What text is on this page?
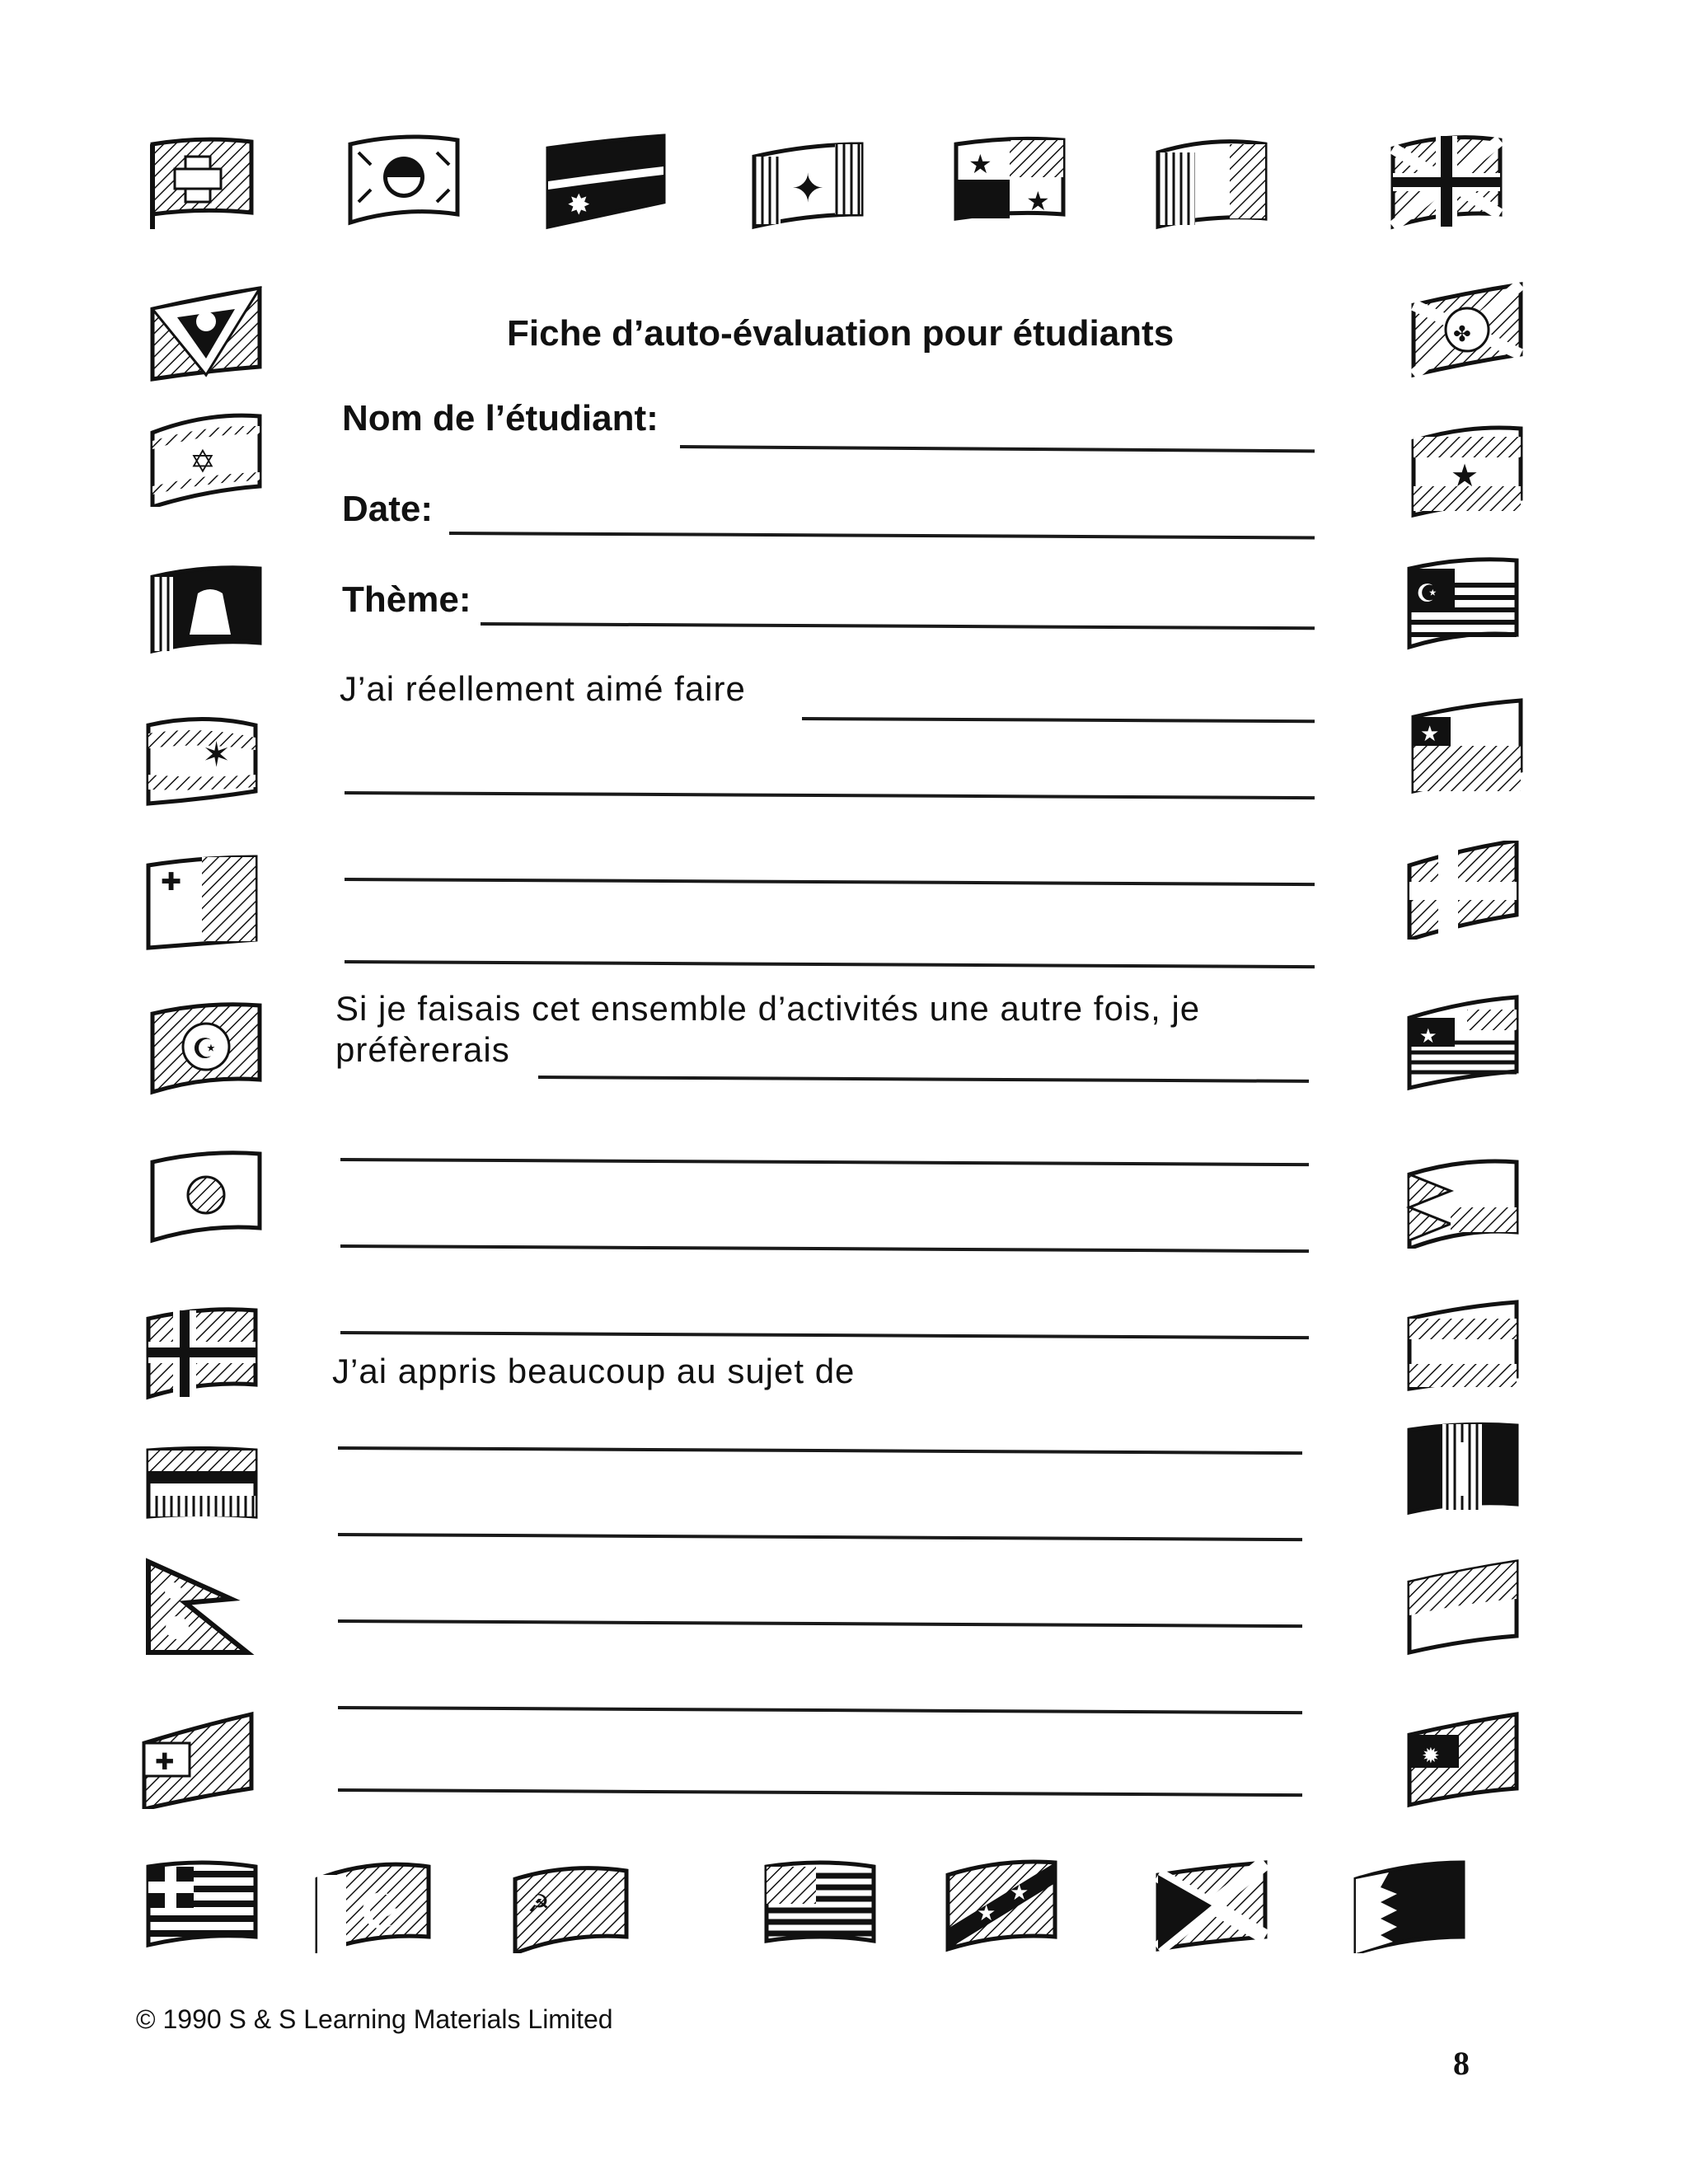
✸	✦
★
★
✡
✶
✚
☪
✚
✤
★
☪
★
★
✹
☪	☭	★
★
Fiche d’auto-évaluation pour étudiants
Nom de l’étudiant:
Date:
Thème:
J’ai réellement aimé faire
Si je faisais cet ensemble d’activités une autre fois, je
préfèrerais
J’ai appris beaucoup au sujet de
© 1990 S & S Learning Materials Limited
8
